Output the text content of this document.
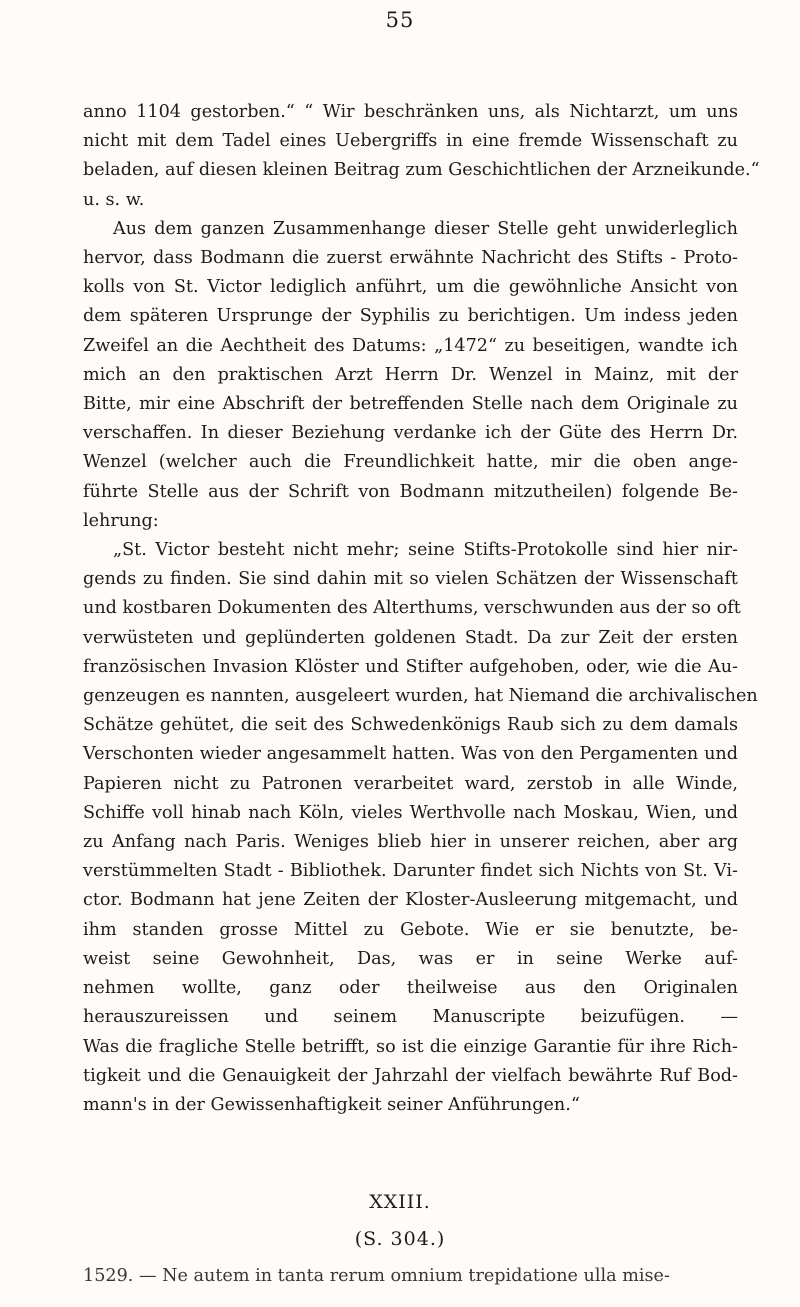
55
anno 1104 gestorben.“ “ Wir beschränken uns, als Nichtarzt, um uns
nicht mit dem Tadel eines Uebergriffs in eine fremde Wissenschaft zu
beladen, auf diesen kleinen Beitrag zum Geschichtlichen der Arzneikunde.“
u. s. w.
Aus dem ganzen Zusammenhange dieser Stelle geht unwiderleglich
hervor, dass Bodmann die zuerst erwähnte Nachricht des Stifts - Proto-
kolls von St. Victor lediglich anführt, um die gewöhnliche Ansicht von
dem späteren Ursprunge der Syphilis zu berichtigen. Um indess jeden
Zweifel an die Aechtheit des Datums: „1472“ zu beseitigen, wandte ich
mich an den praktischen Arzt Herrn Dr. Wenzel in Mainz, mit der
Bitte, mir eine Abschrift der betreffenden Stelle nach dem Originale zu
verschaffen. In dieser Beziehung verdanke ich der Güte des Herrn Dr.
Wenzel (welcher auch die Freundlichkeit hatte, mir die oben ange-
führte Stelle aus der Schrift von Bodmann mitzutheilen) folgende Be-
lehrung:
„St. Victor besteht nicht mehr; seine Stifts-Protokolle sind hier nir-
gends zu finden. Sie sind dahin mit so vielen Schätzen der Wissenschaft
und kostbaren Dokumenten des Alterthums, verschwunden aus der so oft
verwüsteten und geplünderten goldenen Stadt. Da zur Zeit der ersten
französischen Invasion Klöster und Stifter aufgehoben, oder, wie die Au-
genzeugen es nannten, ausgeleert wurden, hat Niemand die archivalischen
Schätze gehütet, die seit des Schwedenkönigs Raub sich zu dem damals
Verschonten wieder angesammelt hatten. Was von den Pergamenten und
Papieren nicht zu Patronen verarbeitet ward, zerstob in alle Winde,
Schiffe voll hinab nach Köln, vieles Werthvolle nach Moskau, Wien, und
zu Anfang nach Paris. Weniges blieb hier in unserer reichen, aber arg
verstümmelten Stadt - Bibliothek. Darunter findet sich Nichts von St. Vi-
ctor. Bodmann hat jene Zeiten der Kloster-Ausleerung mitgemacht, und
ihm standen grosse Mittel zu Gebote. Wie er sie benutzte, be-
weist seine Gewohnheit, Das, was er in seine Werke auf-
nehmen wollte, ganz oder theilweise aus den Originalen
herauszureissen und seinem Manuscripte beizufügen. —
Was die fragliche Stelle betrifft, so ist die einzige Garantie für ihre Rich-
tigkeit und die Genauigkeit der Jahrzahl der vielfach bewährte Ruf Bod-
mann's in der Gewissenhaftigkeit seiner Anführungen.“
XXIII.
(S. 304.)
1529. — Ne autem in tanta rerum omnium trepidatione ulla mise-
